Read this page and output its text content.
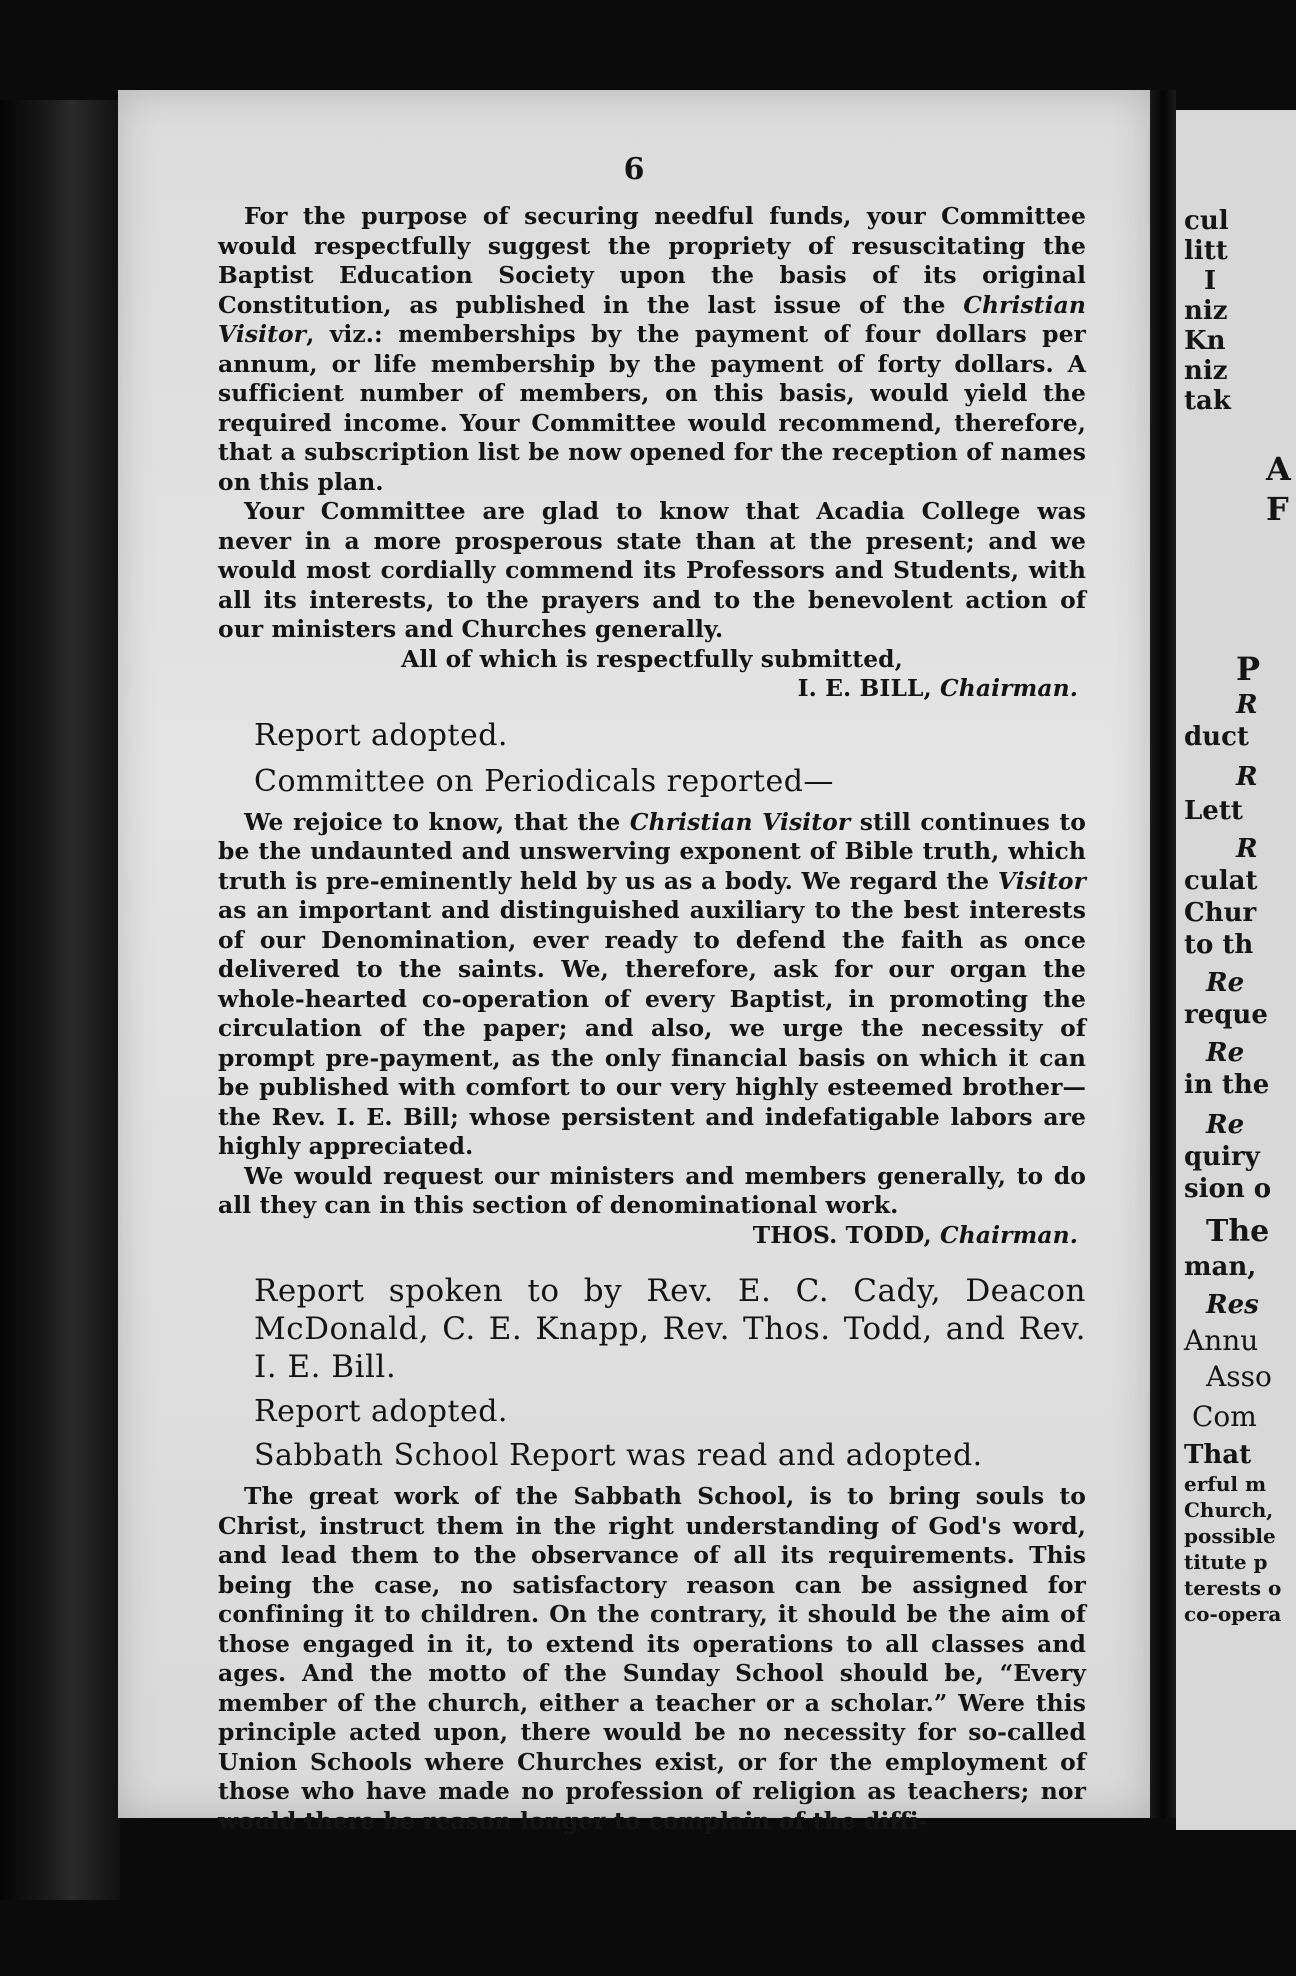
6

For the purpose of securing needful funds, your Committee would respectfully suggest the propriety of resuscitating the Baptist Education Society upon the basis of its original Constitution, as published in the last issue of the Christian Visitor, viz.: memberships by the payment of four dollars per annum, or life membership by the payment of forty dollars. A sufficient number of members, on this basis, would yield the required income. Your Committee would recommend, therefore, that a subscription list be now opened for the reception of names on this plan.

Your Committee are glad to know that Acadia College was never in a more prosperous state than at the present; and we would most cordially commend its Professors and Students, with all its interests, to the prayers and to the benevolent action of our ministers and Churches generally.

All of which is respectfully submitted,

I. E. BILL, Chairman.

Report adopted.
Committee on Periodicals reported—

We rejoice to know, that the Christian Visitor still continues to be the undaunted and unswerving exponent of Bible truth, which truth is pre-eminently held by us as a body. We regard the Visitor as an important and distinguished auxiliary to the best interests of our Denomination, ever ready to defend the faith as once delivered to the saints. We, therefore, ask for our organ the whole-hearted co-operation of every Baptist, in promoting the circulation of the paper; and also, we urge the necessity of prompt pre-payment, as the only financial basis on which it can be published with comfort to our very highly esteemed brother—the Rev. I. E. Bill; whose persistent and indefatigable labors are highly appreciated.

We would request our ministers and members generally, to do all they can in this section of denominational work.

THOS. TODD, Chairman.

Report spoken to by Rev. E. C. Cady, Deacon McDonald, C. E. Knapp, Rev. Thos. Todd, and Rev. I. E. Bill.
Report adopted.
Sabbath School Report was read and adopted.

The great work of the Sabbath School, is to bring souls to Christ, instruct them in the right understanding of God's word, and lead them to the observance of all its requirements. This being the case, no satisfactory reason can be assigned for confining it to children. On the contrary, it should be the aim of those engaged in it, to extend its operations to all classes and ages. And the motto of the Sunday School should be, “Every member of the church, either a teacher or a scholar.” Were this principle acted upon, there would be no necessity for so-called Union Schools where Churches exist, or for the employment of those who have made no profession of religion as teachers; nor would there be reason longer to complain of the diffi-

cul
litt
I
niz
Kn
niz
tak
A
F
P
R
duct
R
Lett
R
culat
Chur
to th
Re
reque
Re
in the
Re
quiry
sion o
The
man,
Res
Annu
Asso
Com
That
erful m
Church,
possible
titute p
terests o
co-opera
